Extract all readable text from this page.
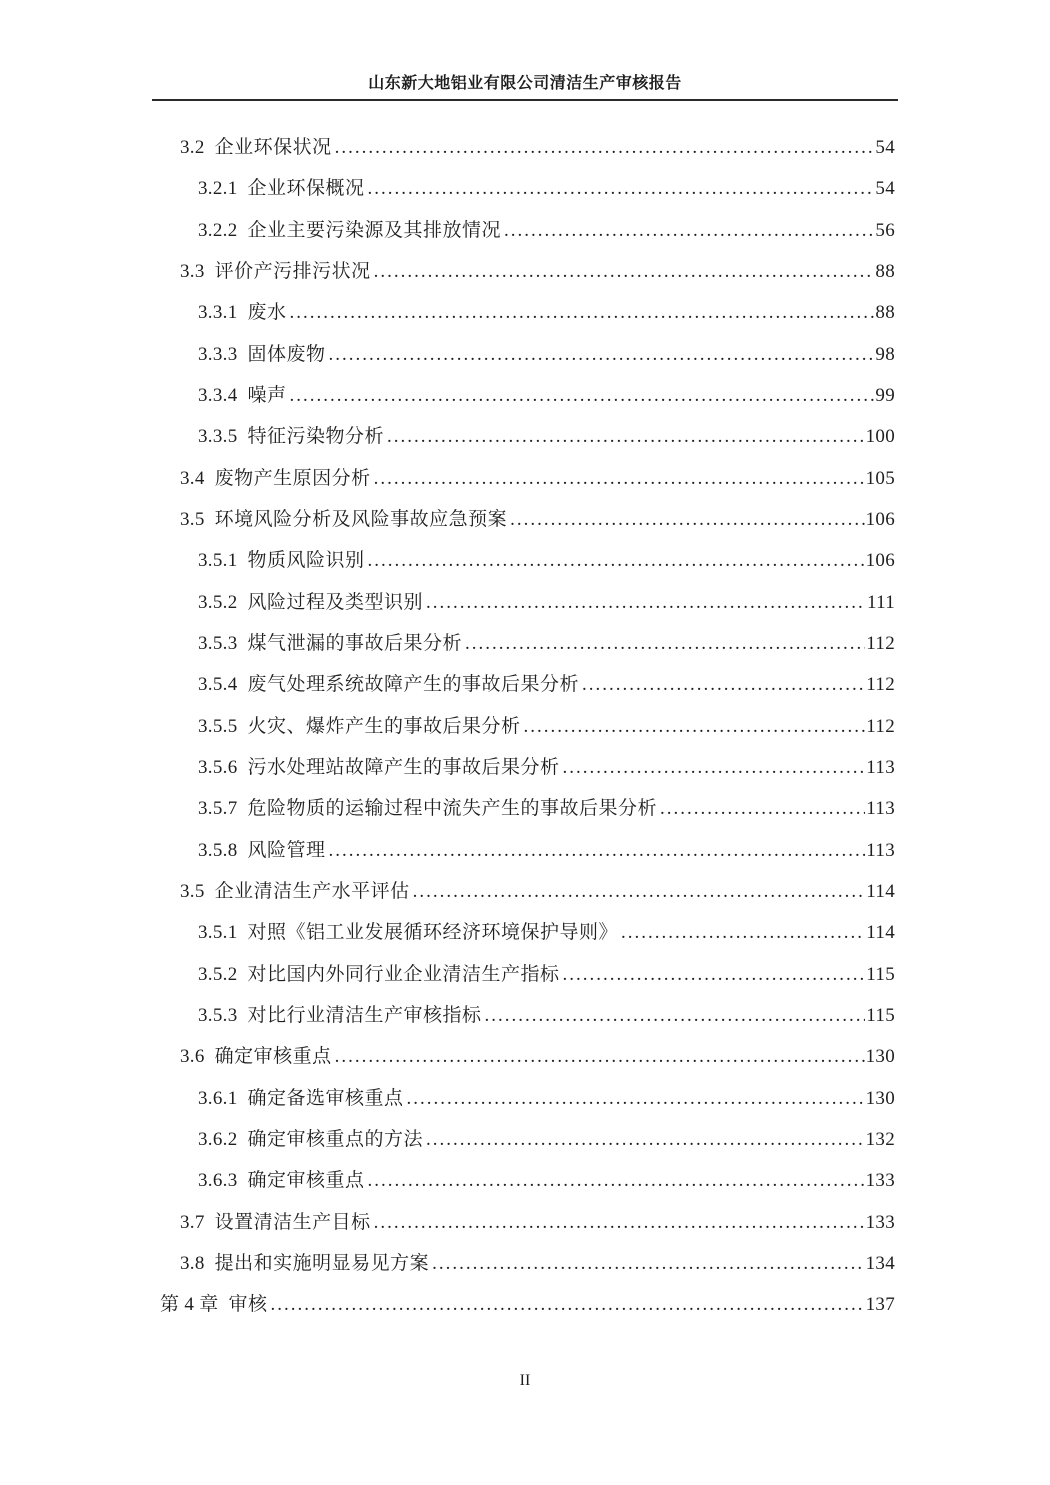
山东新大地铝业有限公司清洁生产审核报告
3.2 企业环保状况 .....	54
3.2.1 企业环保概况 .....	54
3.2.2 企业主要污染源及其排放情况 .....	56
3.3 评价产污排污状况 .....	88
3.3.1 废水 .....	88
3.3.3 固体废物 .....	98
3.3.4 噪声 .....	99
3.3.5 特征污染物分析 .....	100
3.4 废物产生原因分析 .....	105
3.5 环境风险分析及风险事故应急预案 .....	106
3.5.1 物质风险识别 .....	106
3.5.2 风险过程及类型识别 .....	111
3.5.3 煤气泄漏的事故后果分析 .....	112
3.5.4 废气处理系统故障产生的事故后果分析 .....	112
3.5.5 火灾、爆炸产生的事故后果分析 .....	112
3.5.6 污水处理站故障产生的事故后果分析 .....	113
3.5.7 危险物质的运输过程中流失产生的事故后果分析 .....	113
3.5.8 风险管理 .....	113
3.5 企业清洁生产水平评估 .....	114
3.5.1 对照《铝工业发展循环经济环境保护导则》 .....	114
3.5.2 对比国内外同行业企业清洁生产指标 .....	115
3.5.3 对比行业清洁生产审核指标 .....	115
3.6 确定审核重点 .....	130
3.6.1 确定备选审核重点 .....	130
3.6.2 确定审核重点的方法 .....	132
3.6.3 确定审核重点 .....	133
3.7 设置清洁生产目标 .....	133
3.8 提出和实施明显易见方案 .....	134
第 4 章 审核 .....	137
II
